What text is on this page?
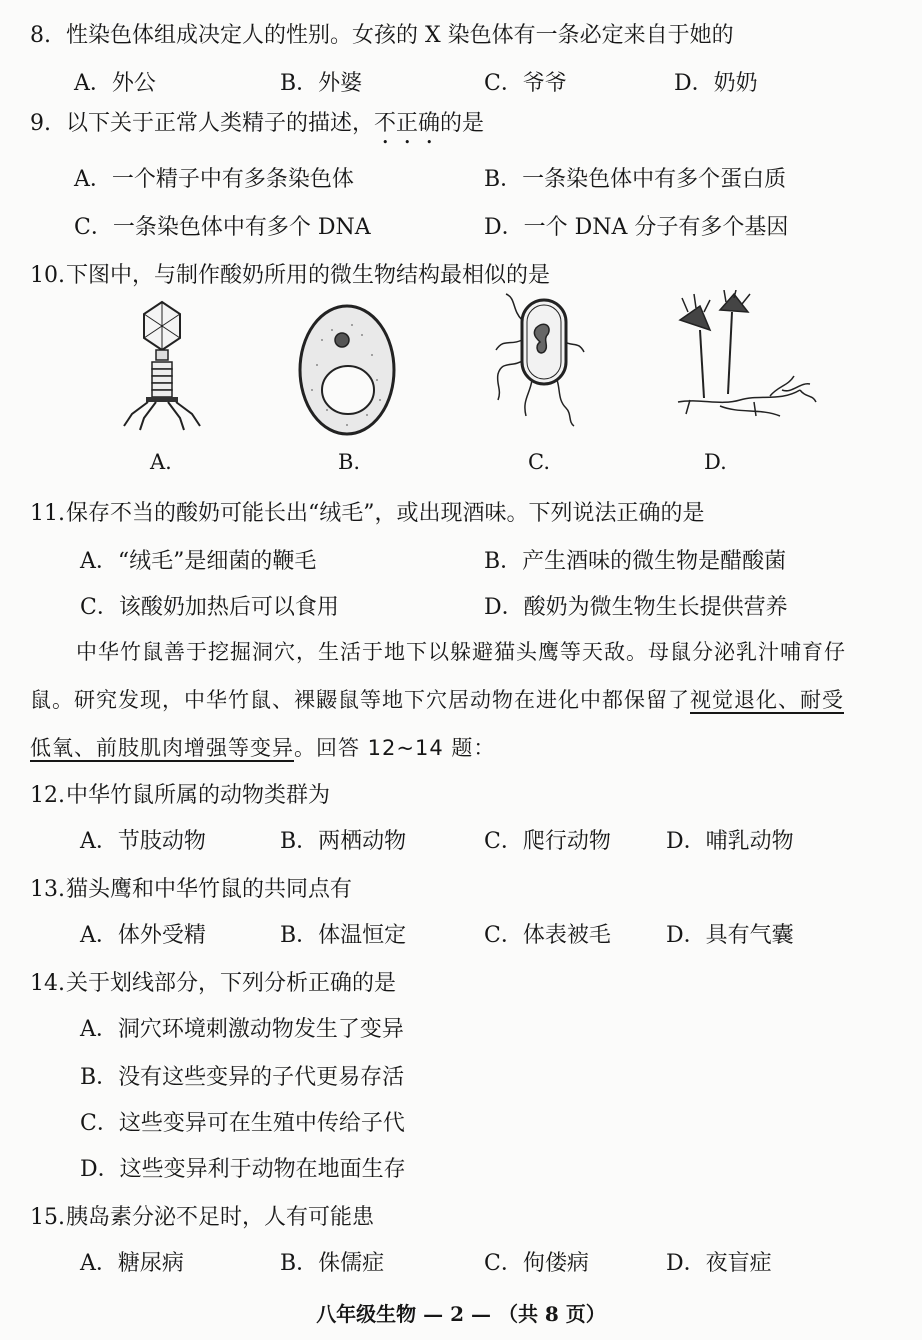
8. 性染色体组成决定人的性别。女孩的 X 染色体有一条必定来自于她的
A．外公	B．外婆	C．爷爷	D．奶奶
9. 以下关于正常人类精子的描述，不正确的是
A．一个精子中有多条染色体	B．一条染色体中有多个蛋白质
C．一条染色体中有多个 DNA	D．一个 DNA 分子有多个基因
10.下图中，与制作酸奶所用的微生物结构最相似的是
A.	B.	C.	D.
11.保存不当的酸奶可能长出“绒毛”，或出现酒味。下列说法正确的是
A．“绒毛”是细菌的鞭毛	B．产生酒味的微生物是醋酸菌
C．该酸奶加热后可以食用	D．酸奶为微生物生长提供营养
中华竹鼠善于挖掘洞穴，生活于地下以躲避猫头鹰等天敌。母鼠分泌乳汁哺育仔
鼠。研究发现，中华竹鼠、裸鼹鼠等地下穴居动物在进化中都保留了视觉退化、耐受
低氧、前肢肌肉增强等变异。回答 12~14 题：
12.中华竹鼠所属的动物类群为
A．节肢动物	B．两栖动物	C．爬行动物	D．哺乳动物
13.猫头鹰和中华竹鼠的共同点有
A．体外受精	B．体温恒定	C．体表被毛	D．具有气囊
14.关于划线部分，下列分析正确的是
A．洞穴环境刺激动物发生了变异
B．没有这些变异的子代更易存活
C．这些变异可在生殖中传给子代
D．这些变异利于动物在地面生存
15.胰岛素分泌不足时，人有可能患
A．糖尿病	B．侏儒症	C．佝偻病	D．夜盲症
八年级生物 — 2 — （共 8 页）
